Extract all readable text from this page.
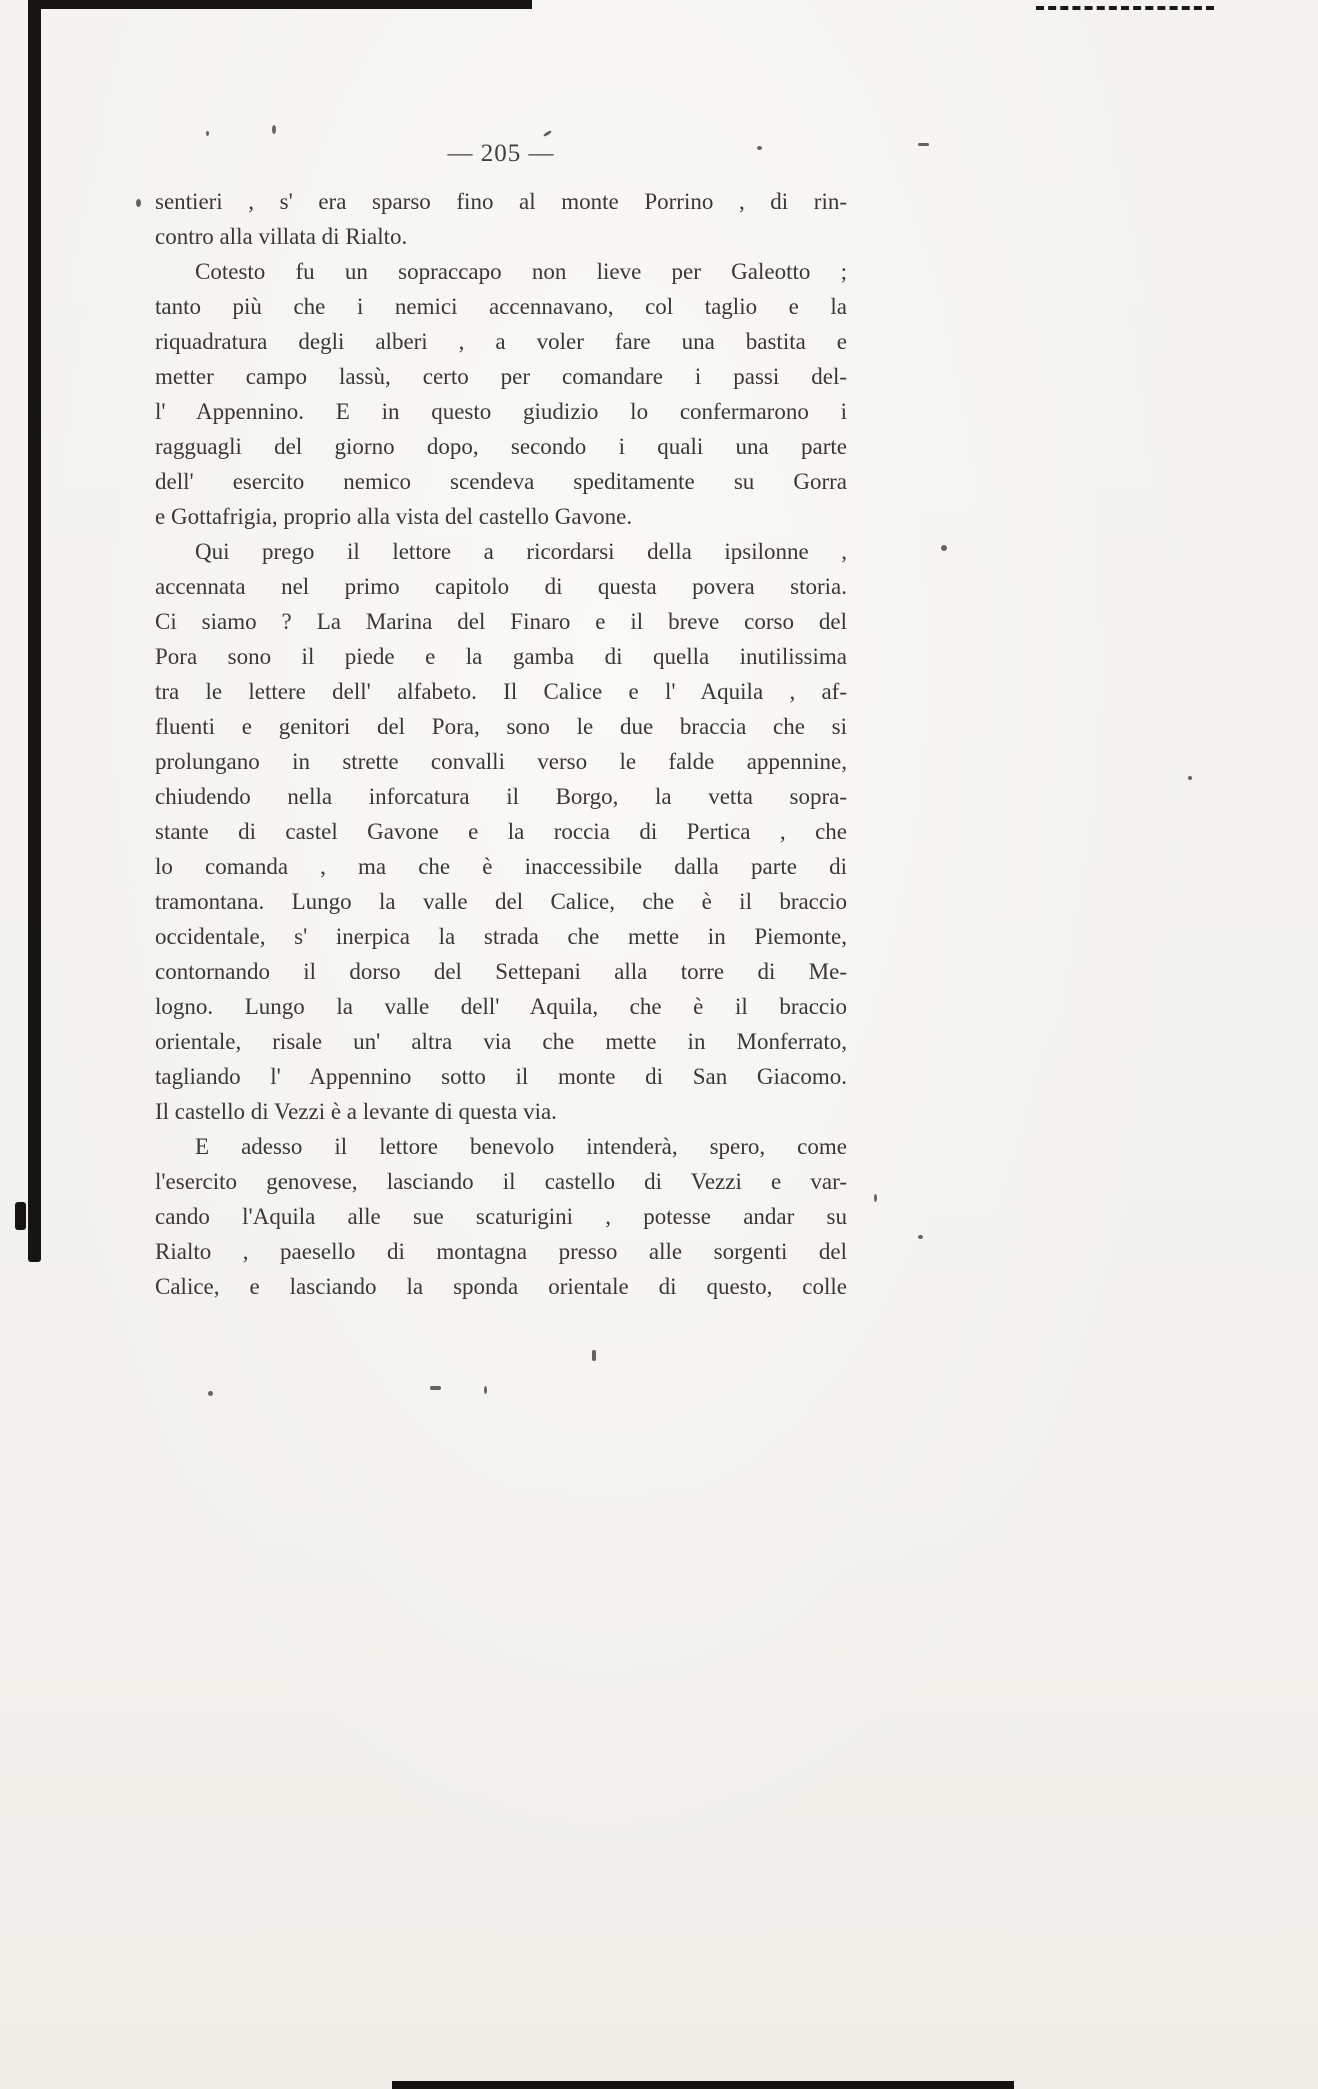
— 205 —
sentieri , s' era sparso fino al monte Porrino , di rin-
contro alla villata di Rialto.
Cotesto fu un sopraccapo non lieve per Galeotto ;
tanto più che i nemici accennavano, col taglio e la
riquadratura degli alberi , a voler fare una bastita e
metter campo lassù, certo per comandare i passi del-
l' Appennino. E in questo giudizio lo confermarono i
ragguagli del giorno dopo, secondo i quali una parte
dell' esercito nemico scendeva speditamente su Gorra
e Gottafrigia, proprio alla vista del castello Gavone.
Qui prego il lettore a ricordarsi della ipsilonne ,
accennata nel primo capitolo di questa povera storia.
Ci siamo ? La Marina del Finaro e il breve corso del
Pora sono il piede e la gamba di quella inutilissima
tra le lettere dell' alfabeto. Il Calice e l' Aquila , af-
fluenti e genitori del Pora, sono le due braccia che si
prolungano in strette convalli verso le falde appennine,
chiudendo nella inforcatura il Borgo, la vetta sopra-
stante di castel Gavone e la roccia di Pertica , che
lo comanda , ma che è inaccessibile dalla parte di
tramontana. Lungo la valle del Calice, che è il braccio
occidentale, s' inerpica la strada che mette in Piemonte,
contornando il dorso del Settepani alla torre di Me-
logno. Lungo la valle dell' Aquila, che è il braccio
orientale, risale un' altra via che mette in Monferrato,
tagliando l' Appennino sotto il monte di San Giacomo.
Il castello di Vezzi è a levante di questa via.
E adesso il lettore benevolo intenderà, spero, come
l'esercito genovese, lasciando il castello di Vezzi e var-
cando l'Aquila alle sue scaturigini , potesse andar su
Rialto , paesello di montagna presso alle sorgenti del
Calice, e lasciando la sponda orientale di questo, colle
